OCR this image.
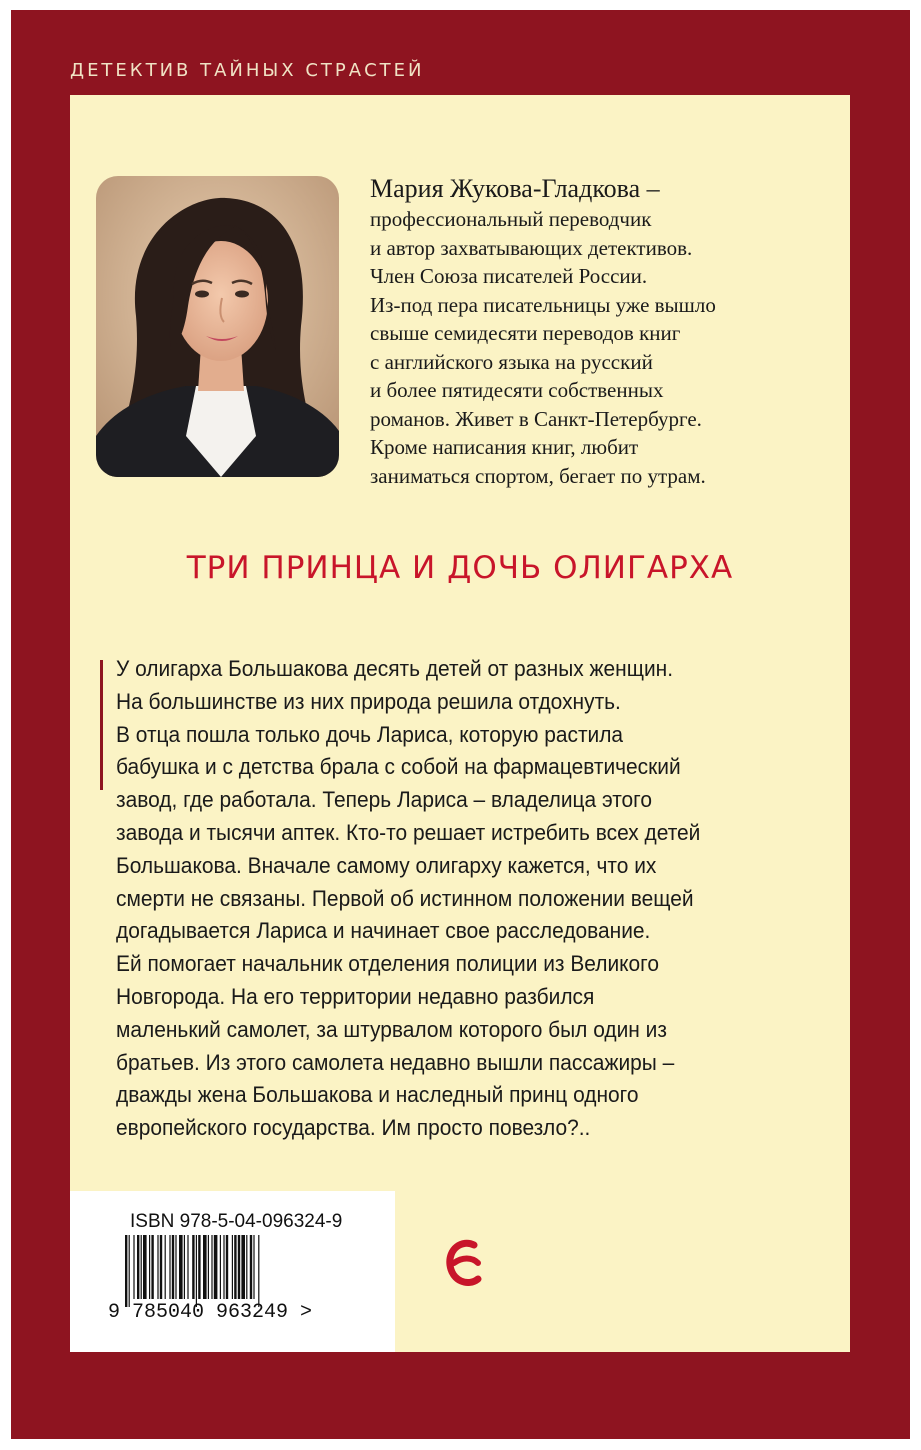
ДЕТЕКТИВ ТАЙНЫХ СТРАСТЕЙ
Мария Жукова-Гладкова –
профессиональный переводчик
и автор захватывающих детективов.
Член Союза писателей России.
Из-под пера писательницы уже вышло
свыше семидесяти переводов книг
с английского языка на русский
и более пятидесяти собственных
романов. Живет в Санкт-Петербурге.
Кроме написания книг, любит
заниматься спортом, бегает по утрам.
ТРИ ПРИНЦА И ДОЧЬ ОЛИГАРХА
У олигарха Большакова десять детей от разных женщин.
На большинстве из них природа решила отдохнуть.
В отца пошла только дочь Лариса, которую растила
бабушка и с детства брала с собой на фармацевтический
завод, где работала. Теперь Лариса – владелица этого
завода и тысячи аптек. Кто-то решает истребить всех детей
Большакова. Вначале самому олигарху кажется, что их
смерти не связаны. Первой об истинном положении вещей
догадывается Лариса и начинает свое расследование.
Ей помогает начальник отделения полиции из Великого
Новгорода. На его территории недавно разбился
маленький самолет, за штурвалом которого был один из
братьев. Из этого самолета недавно вышли пассажиры –
дважды жена Большакова и наследный принц одного
европейского государства. Им просто повезло?..
ISBN 978-5-04-096324-9
9 785040 963249 >
